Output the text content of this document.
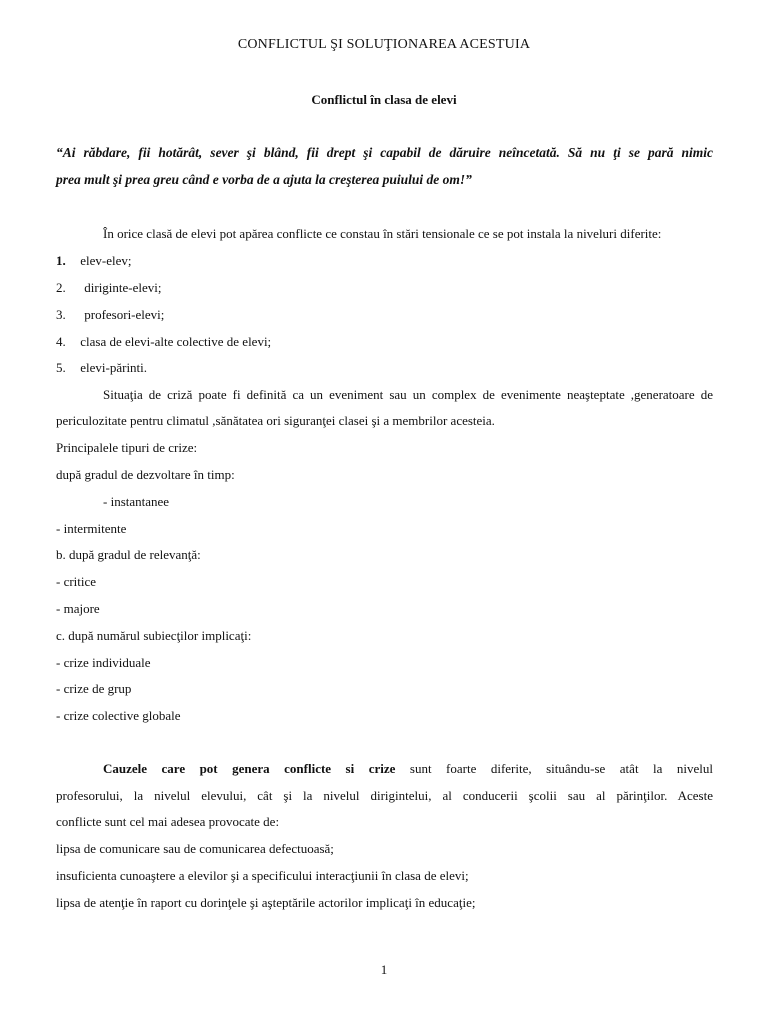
CONFLICTUL ŞI SOLUŢIONAREA ACESTUIA
Conflictul în clasa de elevi
“Ai răbdare, fii hotărât, sever şi blând, fii drept şi capabil de dăruire neîncetată. Să nu ţi se pară nimic
prea mult şi prea greu când e vorba de a ajuta la creşterea puiului de om!”
În orice clasă de elevi pot apărea conflicte ce constau în stări tensionale ce se pot instala la niveluri diferite:
1. elev-elev;
2. diriginte-elevi;
3. profesori-elevi;
4. clasa de elevi-alte colective de elevi;
5. elevi-părinti.
Situaţia de criză poate fi definită ca un eveniment sau un complex de evenimente neaşteptate ,generatoare de
periculozitate pentru climatul ,sănătatea ori siguranţei clasei şi a membrilor acesteia.
Principalele tipuri de crize:
după gradul de dezvoltare în timp:
- instantanee
- intermitente
b. după gradul de relevanţă:
- critice
- majore
c. după numărul subiecţilor implicaţi:
- crize individuale
- crize de grup
- crize colective globale
Cauzele care pot genera conflicte si crize sunt foarte diferite, situându-se atât la nivelul
profesorului, la nivelul elevului, cât şi la nivelul dirigintelui, al conducerii şcolii sau al părinţilor. Aceste
conflicte sunt cel mai adesea provocate de:
lipsa de comunicare sau de comunicarea defectuoasă;
insuficienta cunoaştere a elevilor şi a specificului interacţiunii în clasa de elevi;
lipsa de atenţie în raport cu dorinţele şi aşteptările actorilor implicaţi în educaţie;
1
